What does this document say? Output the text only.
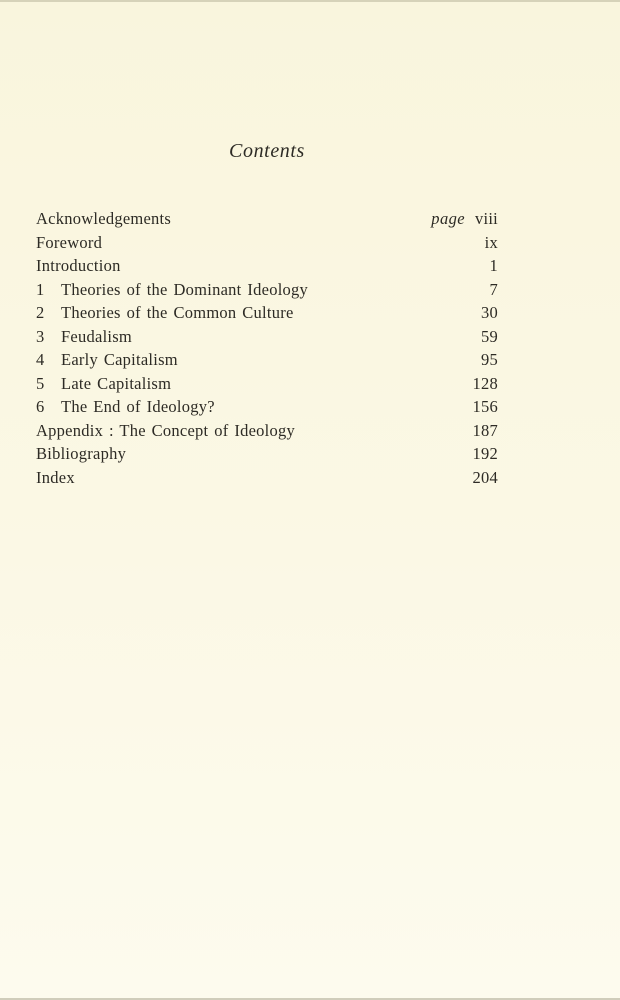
Contents
Acknowledgements	page viii
Foreword	ix
Introduction	1
1	Theories of the Dominant Ideology	7
2	Theories of the Common Culture	30
3	Feudalism	59
4	Early Capitalism	95
5	Late Capitalism	128
6	The End of Ideology?	156
Appendix : The Concept of Ideology	187
Bibliography	192
Index	204
